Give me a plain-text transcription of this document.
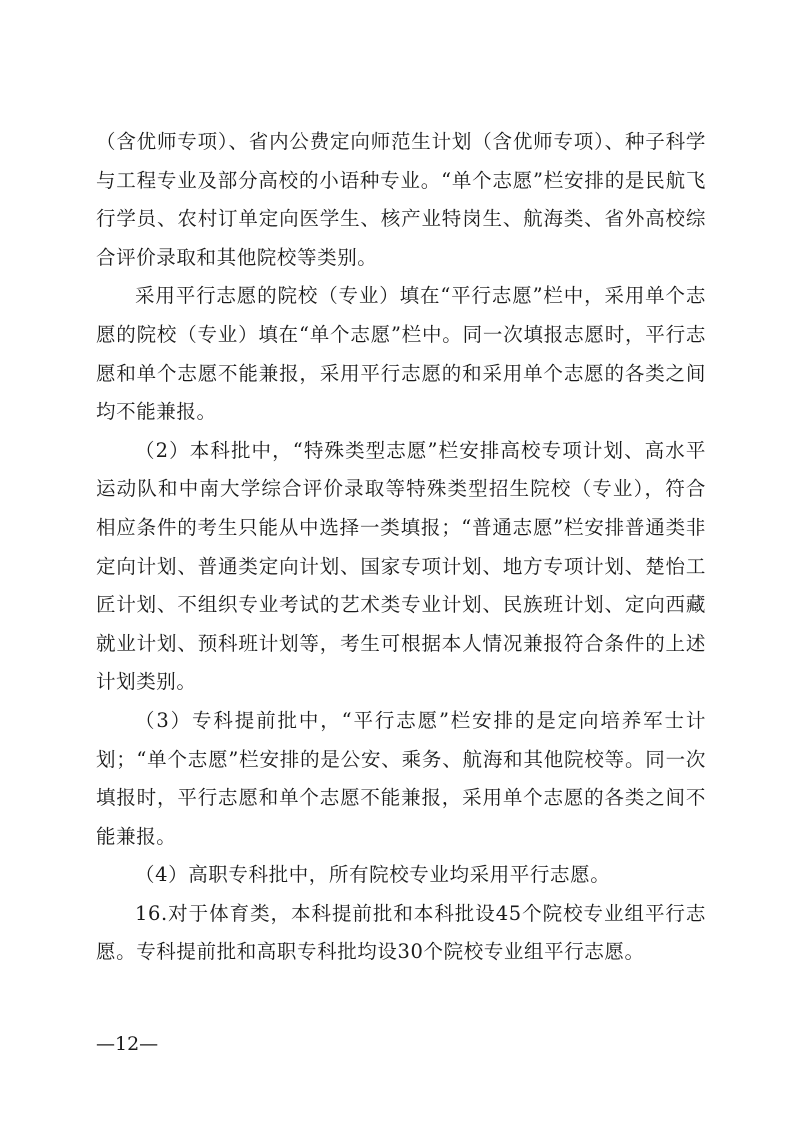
（含优师专项）、省内公费定向师范生计划（含优师专项）、种子科学与工程专业及部分高校的小语种专业。“单个志愿”栏安排的是民航飞行学员、农村订单定向医学生、核产业特岗生、航海类、省外高校综合评价录取和其他院校等类别。

采用平行志愿的院校（专业）填在“平行志愿”栏中，采用单个志愿的院校（专业）填在“单个志愿”栏中。同一次填报志愿时，平行志愿和单个志愿不能兼报，采用平行志愿的和采用单个志愿的各类之间均不能兼报。

（2）本科批中，“特殊类型志愿”栏安排高校专项计划、高水平运动队和中南大学综合评价录取等特殊类型招生院校（专业），符合相应条件的考生只能从中选择一类填报；“普通志愿”栏安排普通类非定向计划、普通类定向计划、国家专项计划、地方专项计划、楚怡工匠计划、不组织专业考试的艺术类专业计划、民族班计划、定向西藏就业计划、预科班计划等，考生可根据本人情况兼报符合条件的上述计划类别。

（3）专科提前批中，“平行志愿”栏安排的是定向培养军士计划；“单个志愿”栏安排的是公安、乘务、航海和其他院校等。同一次填报时，平行志愿和单个志愿不能兼报，采用单个志愿的各类之间不能兼报。

（4）高职专科批中，所有院校专业均采用平行志愿。

16.对于体育类，本科提前批和本科批设45个院校专业组平行志愿。专科提前批和高职专科批均设30个院校专业组平行志愿。

—12—
